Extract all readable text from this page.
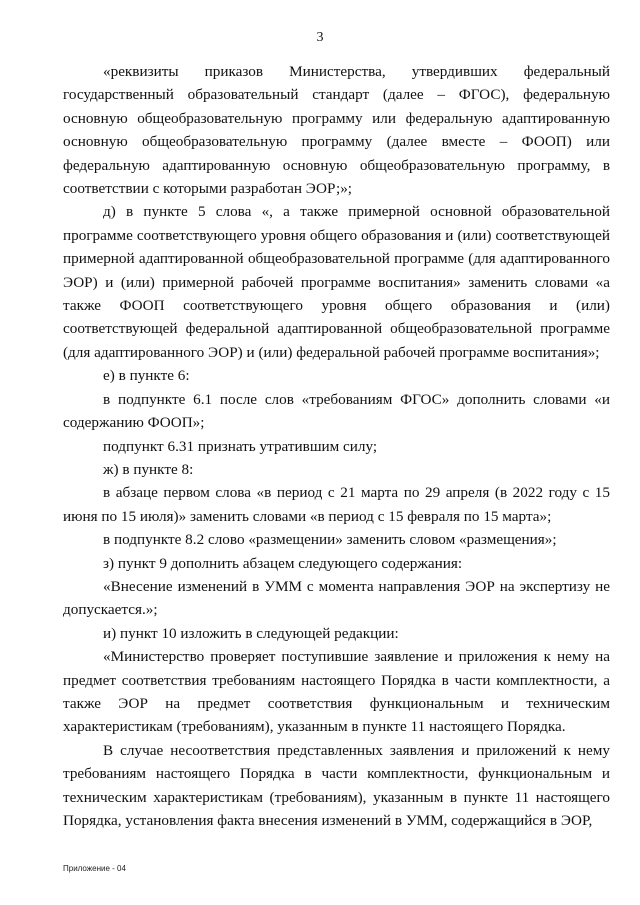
3

«реквизиты приказов Министерства, утвердивших федеральный государственный образовательный стандарт (далее – ФГОС), федеральную основную общеобразовательную программу или федеральную адаптированную основную общеобразовательную программу (далее вместе – ФООП) или федеральную адаптированную основную общеобразовательную программу, в соответствии с которыми разработан ЭОР;»;

д) в пункте 5 слова «, а также примерной основной образовательной программе соответствующего уровня общего образования и (или) соответствующей примерной адаптированной общеобразовательной программе (для адаптированного ЭОР) и (или) примерной рабочей программе воспитания» заменить словами «а также ФООП соответствующего уровня общего образования и (или) соответствующей федеральной адаптированной общеобразовательной программе (для адаптированного ЭОР) и (или) федеральной рабочей программе воспитания»;

е) в пункте 6:

в подпункте 6.1 после слов «требованиям ФГОС» дополнить словами «и содержанию ФООП»;

подпункт 6.31 признать утратившим силу;

ж) в пункте 8:

в абзаце первом слова «в период с 21 марта по 29 апреля (в 2022 году с 15 июня по 15 июля)» заменить словами «в период с 15 февраля по 15 марта»;

в подпункте 8.2 слово «размещении» заменить словом «размещения»;

з) пункт 9 дополнить абзацем следующего содержания:

«Внесение изменений в УММ с момента направления ЭОР на экспертизу не допускается.»;

и) пункт 10 изложить в следующей редакции:

«Министерство проверяет поступившие заявление и приложения к нему на предмет соответствия требованиям настоящего Порядка в части комплектности, а также ЭОР на предмет соответствия функциональным и техническим характеристикам (требованиям), указанным в пункте 11 настоящего Порядка.

В случае несоответствия представленных заявления и приложений к нему требованиям настоящего Порядка в части комплектности, функциональным и техническим характеристикам (требованиям), указанным в пункте 11 настоящего Порядка, установления факта внесения изменений в УММ, содержащийся в ЭОР,

Приложение - 04
